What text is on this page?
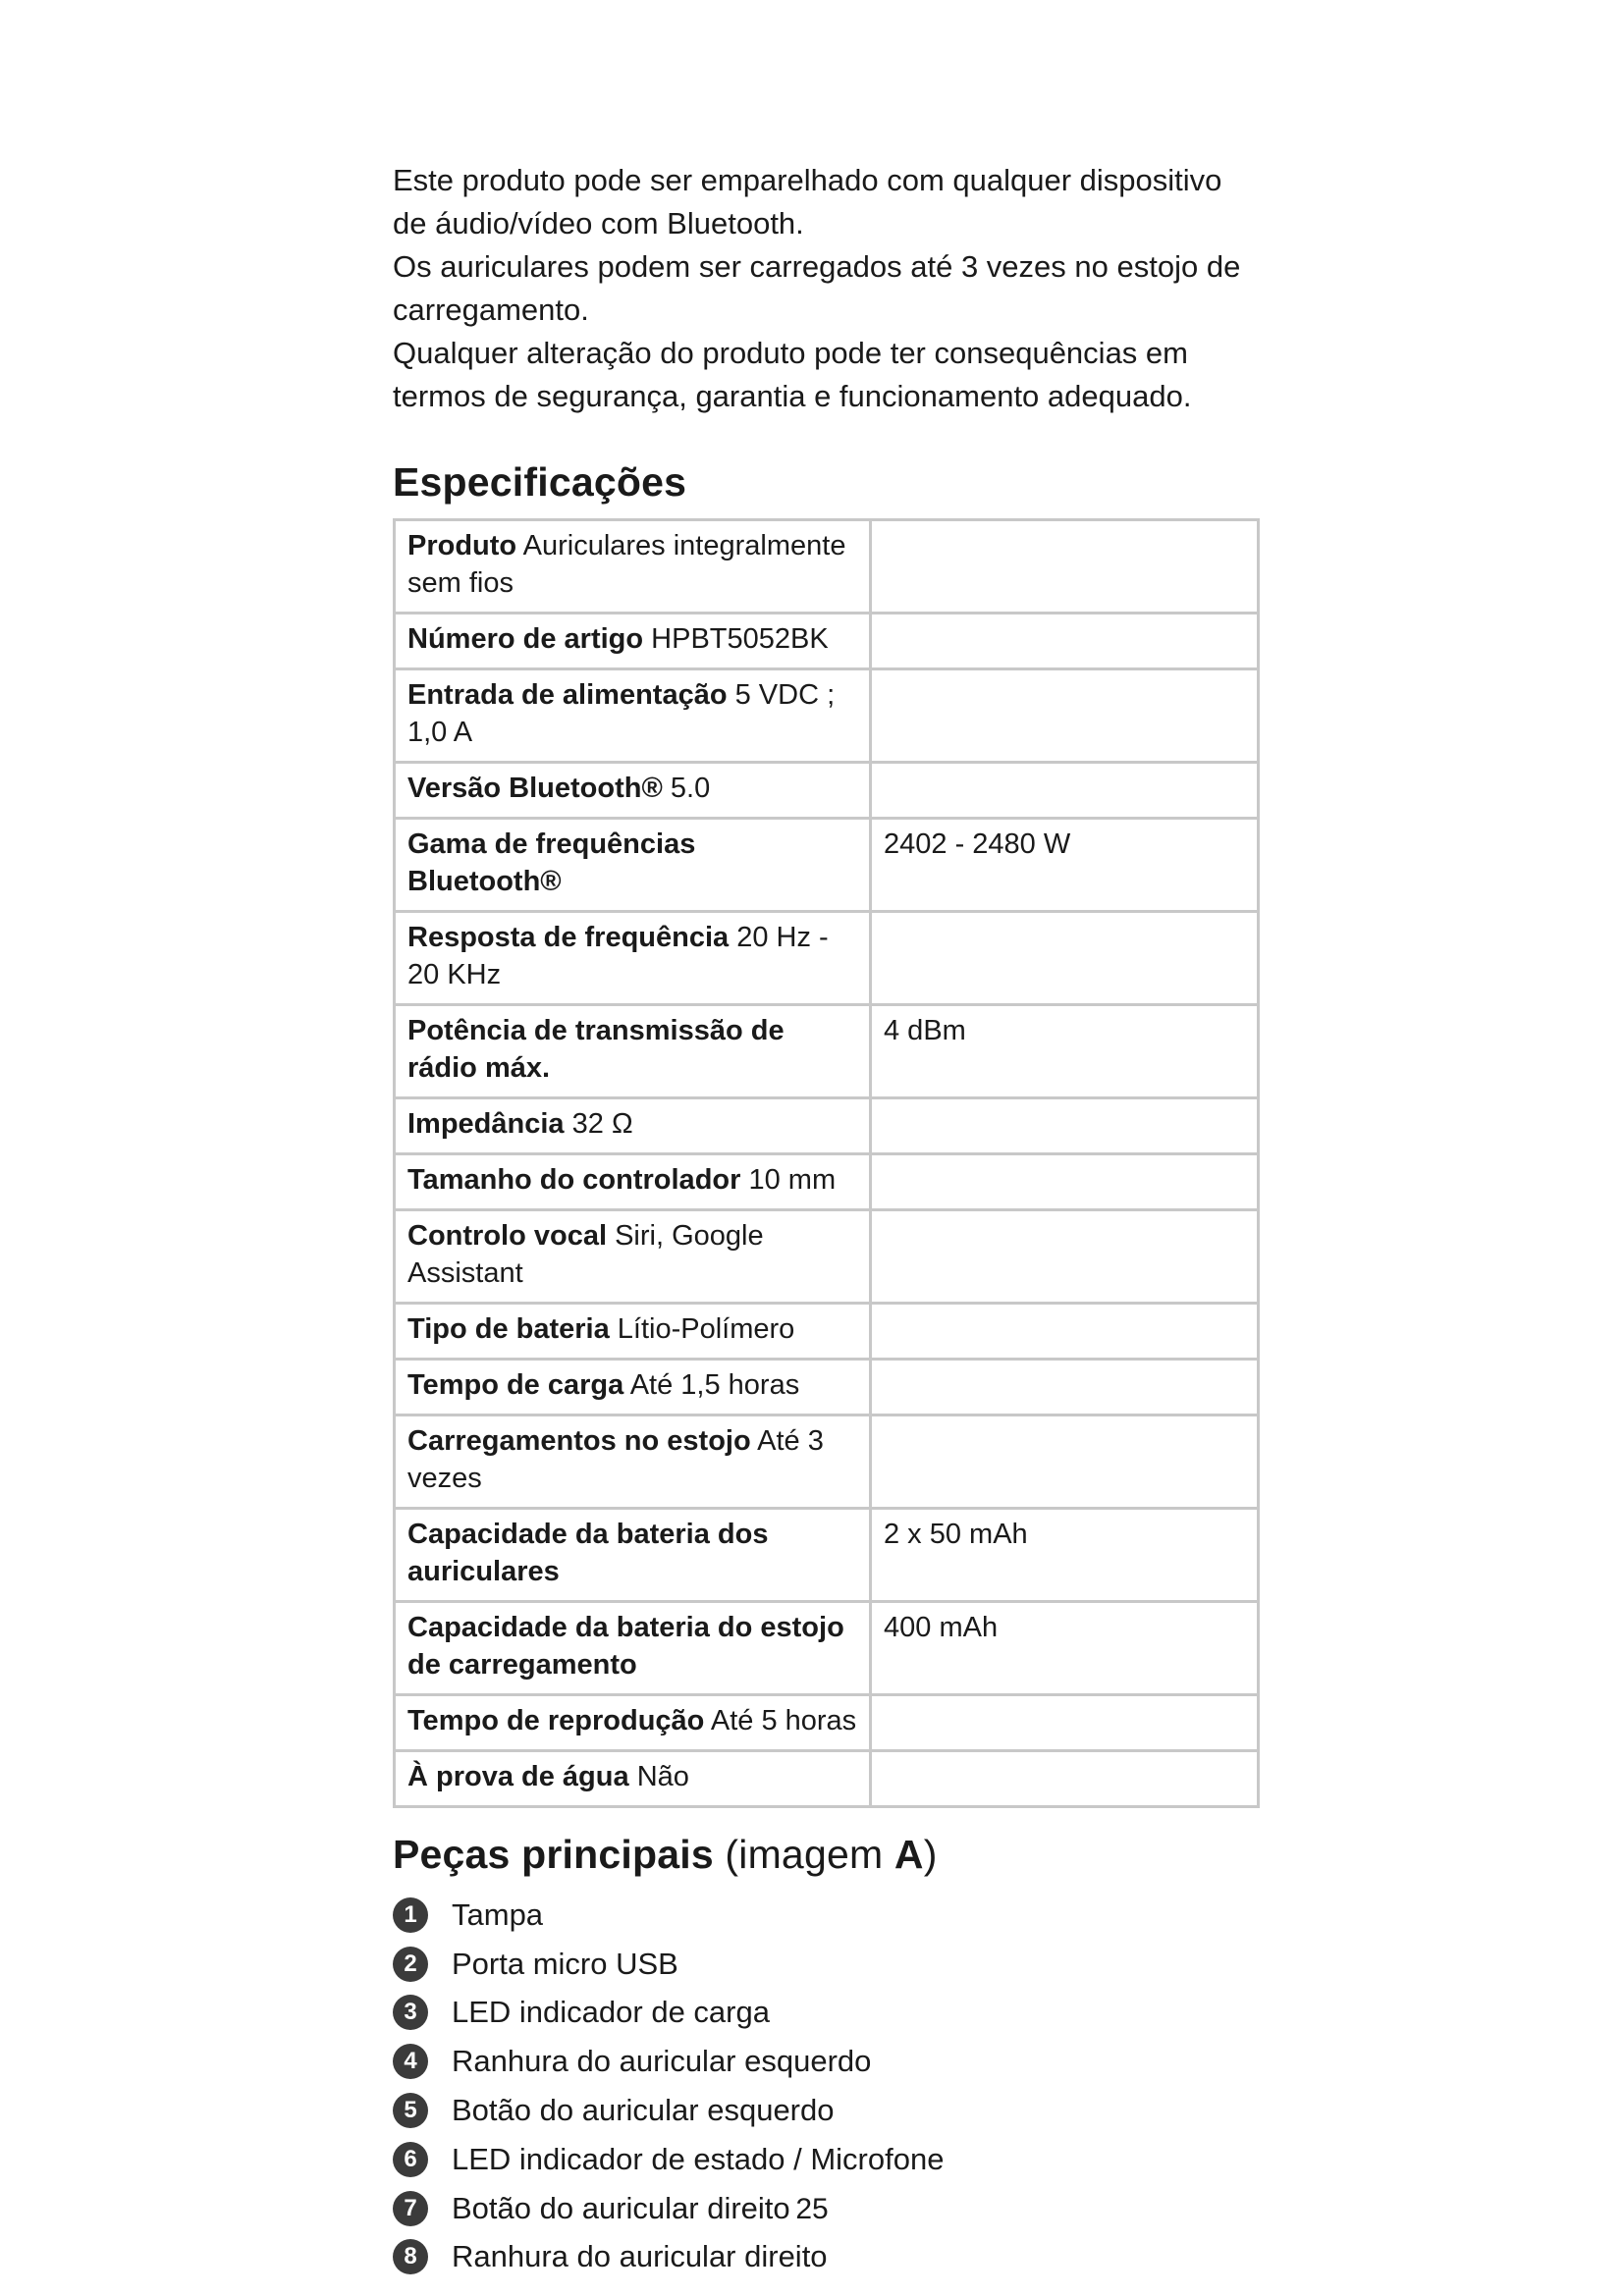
Este produto pode ser emparelhado com qualquer dispositivo

de áudio/vídeo com Bluetooth.

Os auriculares podem ser carregados até 3 vezes no estojo de

carregamento.

Qualquer alteração do produto pode ter consequências em

termos de segurança, garantia e funcionamento adequado.

Especificações
Produto Auriculares integralmente sem fios	
Número de artigo HPBT5052BK	
Entrada de alimentação 5 VDC ; 1,0 A	
Versão Bluetooth® 5.0	
Gama de frequências Bluetooth®	2402 - 2480 W
Resposta de frequência 20 Hz - 20 KHz	
Potência de transmissão de rádio máx.	4 dBm
Impedância 32 Ω	
Tamanho do controlador 10 mm	
Controlo vocal Siri, Google Assistant	
Tipo de bateria Lítio-Polímero	
Tempo de carga Até 1,5 horas	
Carregamentos no estojo Até 3 vezes	
Capacidade da bateria dos auriculares	2 x 50 mAh
Capacidade da bateria do estojo de carregamento	400 mAh
Tempo de reprodução Até 5 horas	
À prova de água Não	
Peças principais (imagem A)
1	Tampa
2	Porta micro USB
3	LED indicador de carga
4	Ranhura do auricular esquerdo
5	Botão do auricular esquerdo
6	LED indicador de estado / Microfone
7	Botão do auricular direito
8	Ranhura do auricular direito
25
